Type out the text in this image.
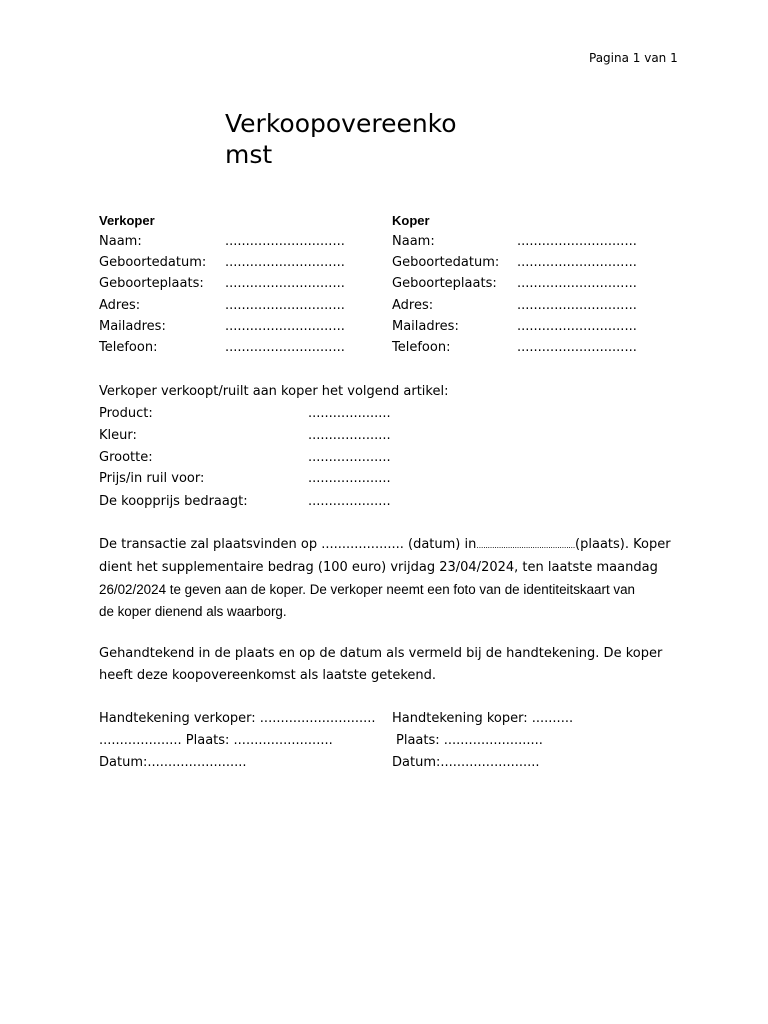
Pagina 1 van 1
Verkoopovereenkomst
Verkoper
Naam:	.............................
Geboortedatum: .............................
Geboorteplaats: .............................
Adres:	.............................
Mailadres:	.............................
Telefoon:	.............................
Koper
Naam:	.............................
Geboortedatum: .............................
Geboorteplaats: .............................
Adres:	.............................
Mailadres:	.............................
Telefoon:	.............................
Verkoper verkoopt/ruilt aan koper het volgend artikel:
Product:	....................
Kleur:	....................
Grootte:	....................
Prijs/in ruil voor:	....................
De koopprijs bedraagt:	....................
De transactie zal plaatsvinden op .................... (datum) in............................................(plaats). Koper
dient het supplementaire bedrag (100 euro) vrijdag 23/04/2024, ten laatste maandag
26/02/2024 te geven aan de koper. De verkoper neemt een foto van de identiteitskaart van
de koper dienend als waarborg.
Gehandtekend in de plaats en op de datum als vermeld bij de handtekening. De koper
heeft deze koopovereenkomst als laatste getekend.
Handtekening verkoper: ............................
.................... Plaats: ........................
Datum:........................
Handtekening koper: ..........
Plaats: ........................
Datum:........................
